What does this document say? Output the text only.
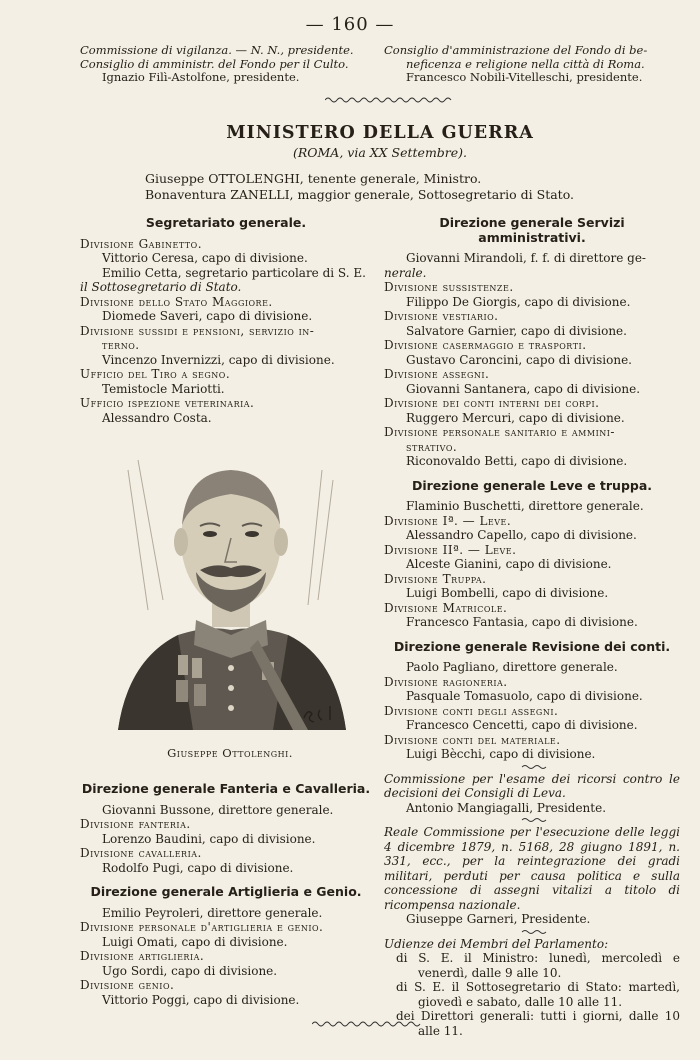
— 160 —
Commissione di vigilanza. — N. N., presidente.
Consiglio di amministr. del Fondo per il Culto.
Ignazio Filì-Astolfone, presidente.
Consiglio d'amministrazione del Fondo di be-
neficenza e religione nella città di Roma.
Francesco Nobili-Vitelleschi, presidente.
MINISTERO DELLA GUERRA
(ROMA, via XX Settembre).
Giuseppe OTTOLENGHI, tenente generale, Ministro.
Bonaventura ZANELLI, maggior generale, Sottosegretario di Stato.
Segretariato generale.
Divisione Gabinetto.
Vittorio Ceresa, capo di divisione.
Emilio Cetta, segretario particolare di S. E.
il Sottosegretario di Stato.
Divisione dello Stato Maggiore.
Diomede Saveri, capo di divisione.
Divisione sussidi e pensioni, servizio in-
terno.
Vincenzo Invernizzi, capo di divisione.
Ufficio del Tiro a segno.
Temistocle Mariotti.
Ufficio ispezione veterinaria.
Alessandro Costa.
Giuseppe Ottolenghi.
Direzione generale Fanteria e Cavalleria.
Giovanni Bussone, direttore generale.
Divisione fanteria.
Lorenzo Baudini, capo di divisione.
Divisione cavalleria.
Rodolfo Pugi, capo di divisione.
Direzione generale Artiglieria e Genio.
Emilio Peyroleri, direttore generale.
Divisione personale d'artiglieria e genio.
Luigi Omati, capo di divisione.
Divisione artiglieria.
Ugo Sordi, capo di divisione.
Divisione genio.
Vittorio Poggi, capo di divisione.
Direzione generale Servizi amministrativi.
Giovanni Mirandoli, f. f. di direttore ge-
nerale.
Divisione sussistenze.
Filippo De Giorgis, capo di divisione.
Divisione vestiario.
Salvatore Garnier, capo di divisione.
Divisione casermaggio e trasporti.
Gustavo Caroncini, capo di divisione.
Divisione assegni.
Giovanni Santanera, capo di divisione.
Divisione dei conti interni dei corpi.
Ruggero Mercuri, capo di divisione.
Divisione personale sanitario e ammini-
strativo.
Riconovaldo Betti, capo di divisione.
Direzione generale Leve e truppa.
Flaminio Buschetti, direttore generale.
Divisione Iª. — Leve.
Alessandro Capello, capo di divisione.
Divisione IIª. — Leve.
Alceste Gianini, capo di divisione.
Divisione Truppa.
Luigi Bombelli, capo di divisione.
Divisione Matricole.
Francesco Fantasia, capo di divisione.
Direzione generale Revisione dei conti.
Paolo Pagliano, direttore generale.
Divisione ragioneria.
Pasquale Tomasuolo, capo di divisione.
Divisione conti degli assegni.
Francesco Cencetti, capo di divisione.
Divisione conti del materiale.
Luigi Bècchi, capo di divisione.
Commissione per l'esame dei ricorsi contro le decisioni dei Consigli di Leva.
Antonio Mangiagalli, Presidente.
Reale Commissione per l'esecuzione delle leggi 4 dicembre 1879, n. 5168, 28 giugno 1891, n. 331, ecc., per la reintegrazione dei gradi militari, perduti per causa politica e sulla concessione di assegni vitalizi a titolo di ricompensa nazionale.
Giuseppe Garneri, Presidente.
Udienze dei Membri del Parlamento:
di S. E. il Ministro: lunedì, mercoledì e venerdì, dalle 9 alle 10.
di S. E. il Sottosegretario di Stato: martedì, giovedì e sabato, dalle 10 alle 11.
dei Direttori generali: tutti i giorni, dalle 10 alle 11.
